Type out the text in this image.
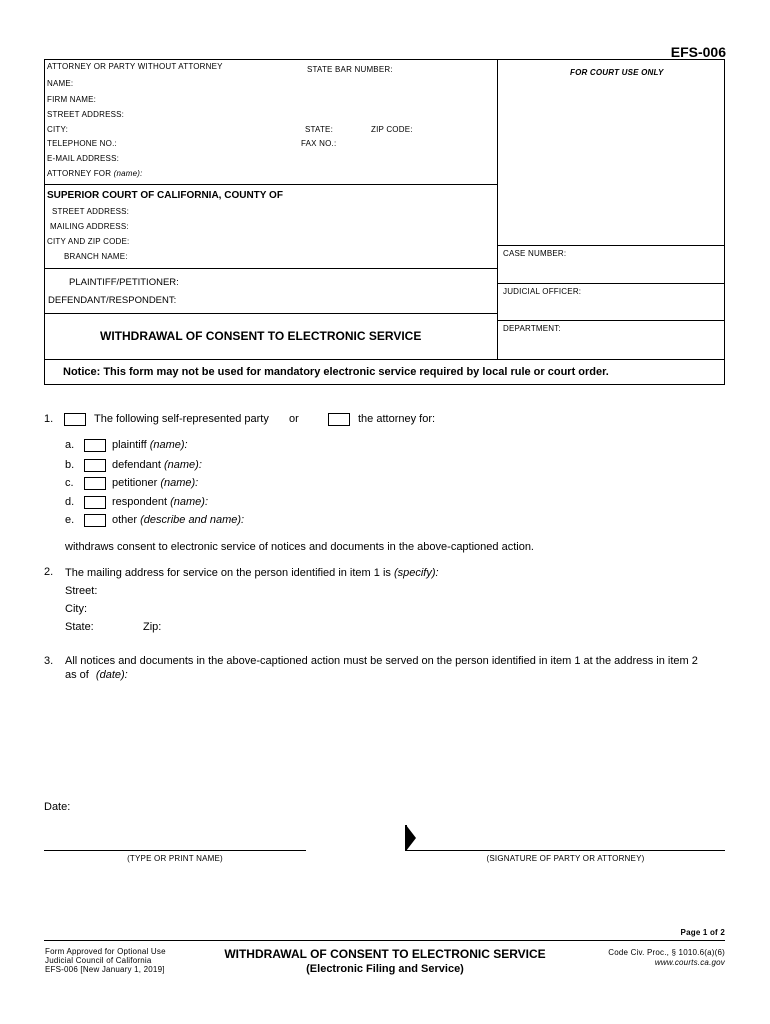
EFS-006
ATTORNEY OR PARTY WITHOUT ATTORNEY	STATE BAR NUMBER:	FOR COURT USE ONLY
NAME:
FIRM NAME:
STREET ADDRESS:
CITY:	STATE:	ZIP CODE:
TELEPHONE NO.:	FAX NO.:
E-MAIL ADDRESS:
ATTORNEY FOR (name):
SUPERIOR COURT OF CALIFORNIA, COUNTY OF
STREET ADDRESS:
MAILING ADDRESS:
CITY AND ZIP CODE:
BRANCH NAME:
PLAINTIFF/PETITIONER:
DEFENDANT/RESPONDENT:
CASE NUMBER:
JUDICIAL OFFICER:
DEPARTMENT:
WITHDRAWAL OF CONSENT TO ELECTRONIC SERVICE
Notice: This form may not be used for mandatory electronic service required by local rule or court order.
1.	The following self-represented party or	the attorney for:
a.	plaintiff (name):
b.	defendant (name):
c.	petitioner (name):
d.	respondent (name):
e.	other (describe and name):
withdraws consent to electronic service of notices and documents in the above-captioned action.
2. The mailing address for service on the person identified in item 1 is (specify):
Street:
City:
State:	Zip:
3. All notices and documents in the above-captioned action must be served on the person identified in item 1 at the address in item 2
as of (date):
Date:
(TYPE OR PRINT NAME)	(SIGNATURE OF PARTY OR ATTORNEY)
Page 1 of 2
Form Approved for Optional Use
Judicial Council of California
EFS-006 [New January 1, 2019]
WITHDRAWAL OF CONSENT TO ELECTRONIC SERVICE
(Electronic Filing and Service)
Code Civ. Proc., § 1010.6(a)(6)
www.courts.ca.gov
